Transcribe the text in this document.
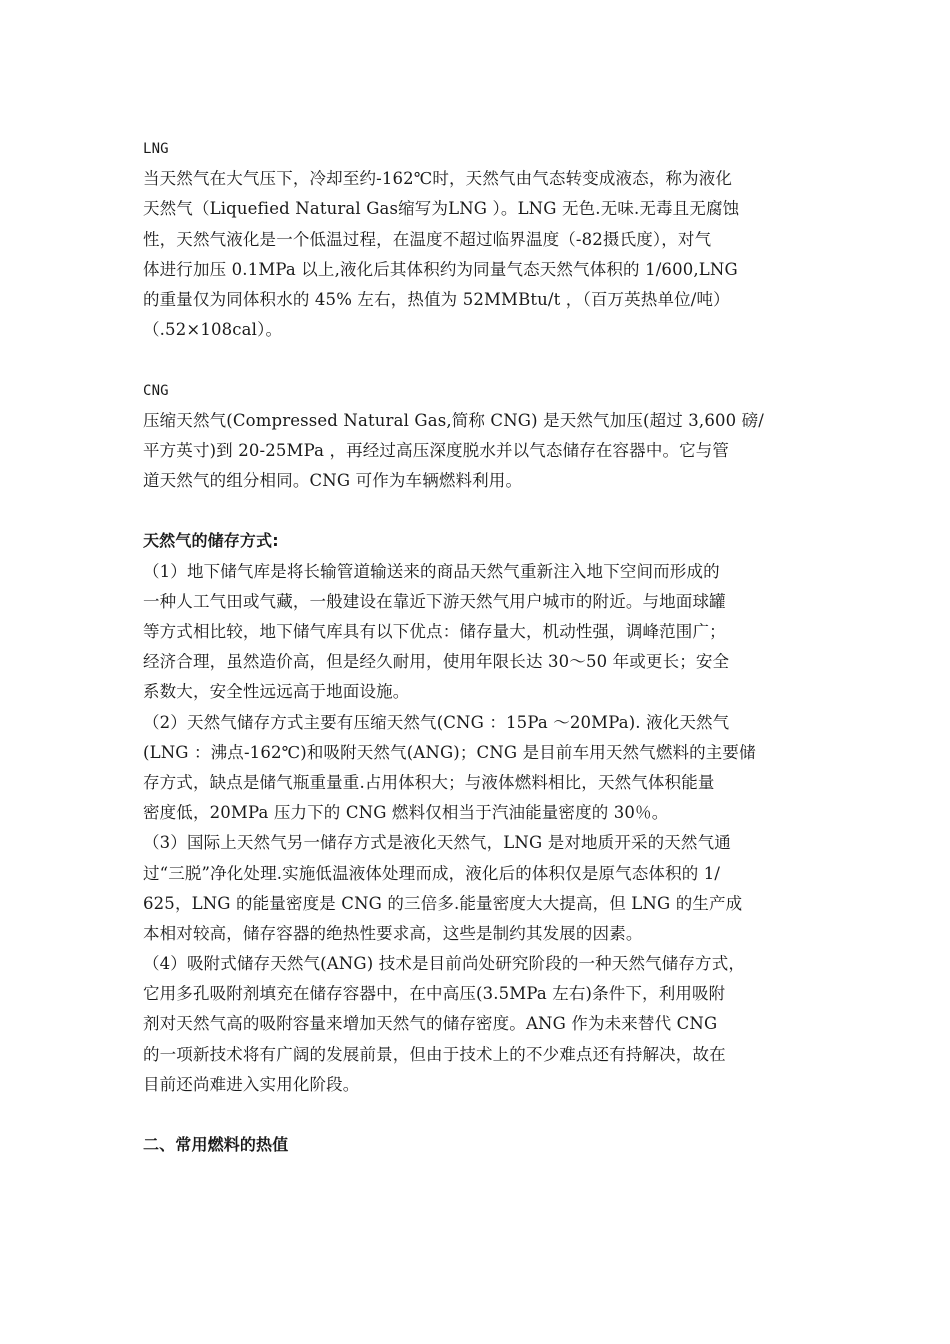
LNG
当天然气在大气压下，冷却至约-162℃时，天然气由气态转变成液态，称为液化
天然气（Liquefied Natural Gas缩写为LNG ）。LNG 无色.无味.无毒且无腐蚀
性，天然气液化是一个低温过程，在温度不超过临界温度（-82摄氏度），对气
体进行加压 0.1MPa 以上,液化后其体积约为同量气态天然气体积的 1/600,LNG
的重量仅为同体积水的 45% 左右，热值为 52MMBtu/t ，（百万英热单位/吨）
（.52×108cal）。
CNG
压缩天然气(Compressed Natural Gas,简称 CNG) 是天然气加压(超过 3,600 磅/
平方英寸)到 20-25MPa ，再经过高压深度脱水并以气态储存在容器中。它与管
道天然气的组分相同。CNG 可作为车辆燃料利用。
天然气的储存方式:
（1）地下储气库是将长输管道输送来的商品天然气重新注入地下空间而形成的
一种人工气田或气藏，一般建设在靠近下游天然气用户城市的附近。与地面球罐
等方式相比较，地下储气库具有以下优点：储存量大，机动性强，调峰范围广；
经济合理，虽然造价高，但是经久耐用，使用年限长达 30～50 年或更长；安全
系数大，安全性远远高于地面设施。
（2）天然气储存方式主要有压缩天然气(CNG ：15Pa ～20MPa). 液化天然气
(LNG ：沸点-162℃)和吸附天然气(ANG)；CNG 是目前车用天然气燃料的主要储
存方式，缺点是储气瓶重量重.占用体积大；与液体燃料相比，天然气体积能量
密度低，20MPa 压力下的 CNG 燃料仅相当于汽油能量密度的 30％。
（3）国际上天然气另一储存方式是液化天然气，LNG 是对地质开采的天然气通
过“三脱”净化处理.实施低温液体处理而成，液化后的体积仅是原气态体积的 1/
625，LNG 的能量密度是 CNG 的三倍多.能量密度大大提高，但 LNG 的生产成
本相对较高，储存容器的绝热性要求高，这些是制约其发展的因素。
（4）吸附式储存天然气(ANG) 技术是目前尚处研究阶段的一种天然气储存方式，
它用多孔吸附剂填充在储存容器中，在中高压(3.5MPa 左右)条件下，利用吸附
剂对天然气高的吸附容量来增加天然气的储存密度。ANG 作为未来替代 CNG
的一项新技术将有广阔的发展前景，但由于技术上的不少难点还有持解决，故在
目前还尚难进入实用化阶段。
二、常用燃料的热值
